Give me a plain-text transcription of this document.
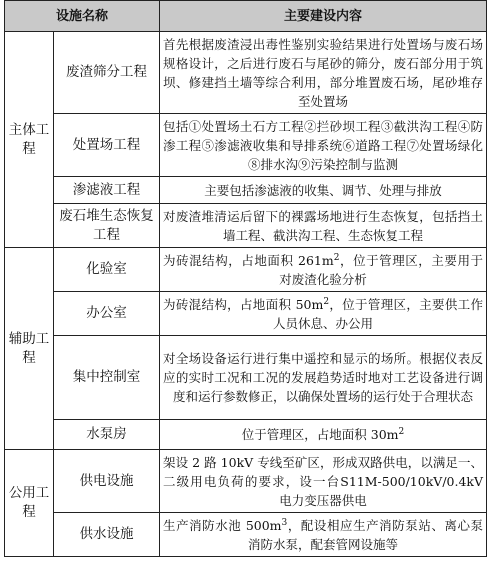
设施名称		主要建设内容
主体工程	废渣筛分工程	首先根据废渣浸出毒性鉴别实验结果进行处置场与废石场规格设计，之后进行废石与尾砂的筛分，废石部分用于筑坝、修建挡土墙等综合利用，部分堆置废石场，尾砂堆存至处置场
	处置场工程	包括①处置场土石方工程②拦砂坝工程③截洪沟工程④防渗工程⑤渗滤液收集和导排系统⑥道路工程⑦处置场绿化⑧排水沟⑨污染控制与监测
	渗滤液工程	主要包括渗滤液的收集、调节、处理与排放
	废石堆生态恢复工程	对废渣堆清运后留下的裸露场地进行生态恢复，包括挡土墙工程、截洪沟工程、生态恢复工程
辅助工程	化验室	为砖混结构，占地面积 $261m^2$，位于管理区，主要用于对废渣化验分析
	办公室	为砖混结构，占地面积 $50m^2$，位于管理区，主要供工作人员休息、办公用
	集中控制室	对全场设备运行进行集中遥控和显示的场所。根据仪表反应的实时工况和工况的发展趋势适时地对工艺设备进行调度和运行参数修正，以确保处置场的运行处于合理状态
	水泵房	位于管理区，占地面积 $30m^2$
公用工程	供电设施	架设 2 路 10kV 专线至矿区，形成双路供电，以满足一、二级用电负荷的要求，设一台S11M-500/10kV/0.4kV 电力变压器供电
	供水设施	生产消防水池 $500m^3$，配设相应生产消防泵站、离心泵消防水泵，配套管网设施等
